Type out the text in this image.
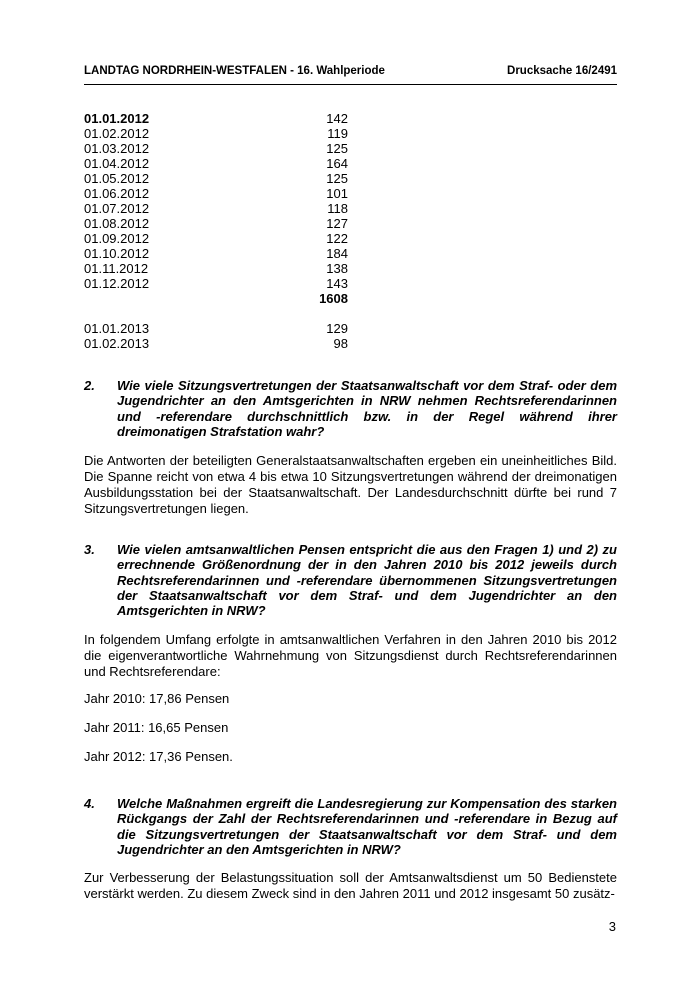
LANDTAG NORDRHEIN-WESTFALEN - 16. Wahlperiode	Drucksache 16/2491
01.01.2012	142
01.02.2012	119
01.03.2012	125
01.04.2012	164
01.05.2012	125
01.06.2012	101
01.07.2012	118
01.08.2012	127
01.09.2012	122
01.10.2012	184
01.11.2012	138
01.12.2012	143
1608
01.01.2013	129
01.02.2013	98
2. Wie viele Sitzungsvertretungen der Staatsanwaltschaft vor dem Straf- oder dem Jugendrichter an den Amtsgerichten in NRW nehmen Rechtsreferendarinnen und -referendare durchschnittlich bzw. in der Regel während ihrer dreimonatigen Strafstation wahr?
Die Antworten der beteiligten Generalstaatsanwaltschaften ergeben ein uneinheitliches Bild. Die Spanne reicht von etwa 4 bis etwa 10 Sitzungsvertretungen während der dreimonatigen Ausbildungsstation bei der Staatsanwaltschaft. Der Landesdurchschnitt dürfte bei rund 7 Sitzungsvertretungen liegen.
3. Wie vielen amtsanwaltlichen Pensen entspricht die aus den Fragen 1) und 2) zu errechnende Größenordnung der in den Jahren 2010 bis 2012 jeweils durch Rechtsreferendarinnen und -referendare übernommenen Sitzungsvertretungen der Staatsanwaltschaft vor dem Straf- und dem Jugendrichter an den Amtsgerichten in NRW?
In folgendem Umfang erfolgte in amtsanwaltlichen Verfahren in den Jahren 2010 bis 2012 die eigenverantwortliche Wahrnehmung von Sitzungsdienst durch Rechtsreferendarinnen und Rechtsreferendare:
Jahr 2010: 17,86 Pensen
Jahr 2011: 16,65 Pensen
Jahr 2012: 17,36 Pensen.
4. Welche Maßnahmen ergreift die Landesregierung zur Kompensation des starken Rückgangs der Zahl der Rechtsreferendarinnen und -referendare in Bezug auf die Sitzungsvertretungen der Staatsanwaltschaft vor dem Straf- und dem Jugendrichter an den Amtsgerichten in NRW?
Zur Verbesserung der Belastungssituation soll der Amtsanwaltsdienst um 50 Bedienstete verstärkt werden. Zu diesem Zweck sind in den Jahren 2011 und 2012 insgesamt 50 zusätz-
3
